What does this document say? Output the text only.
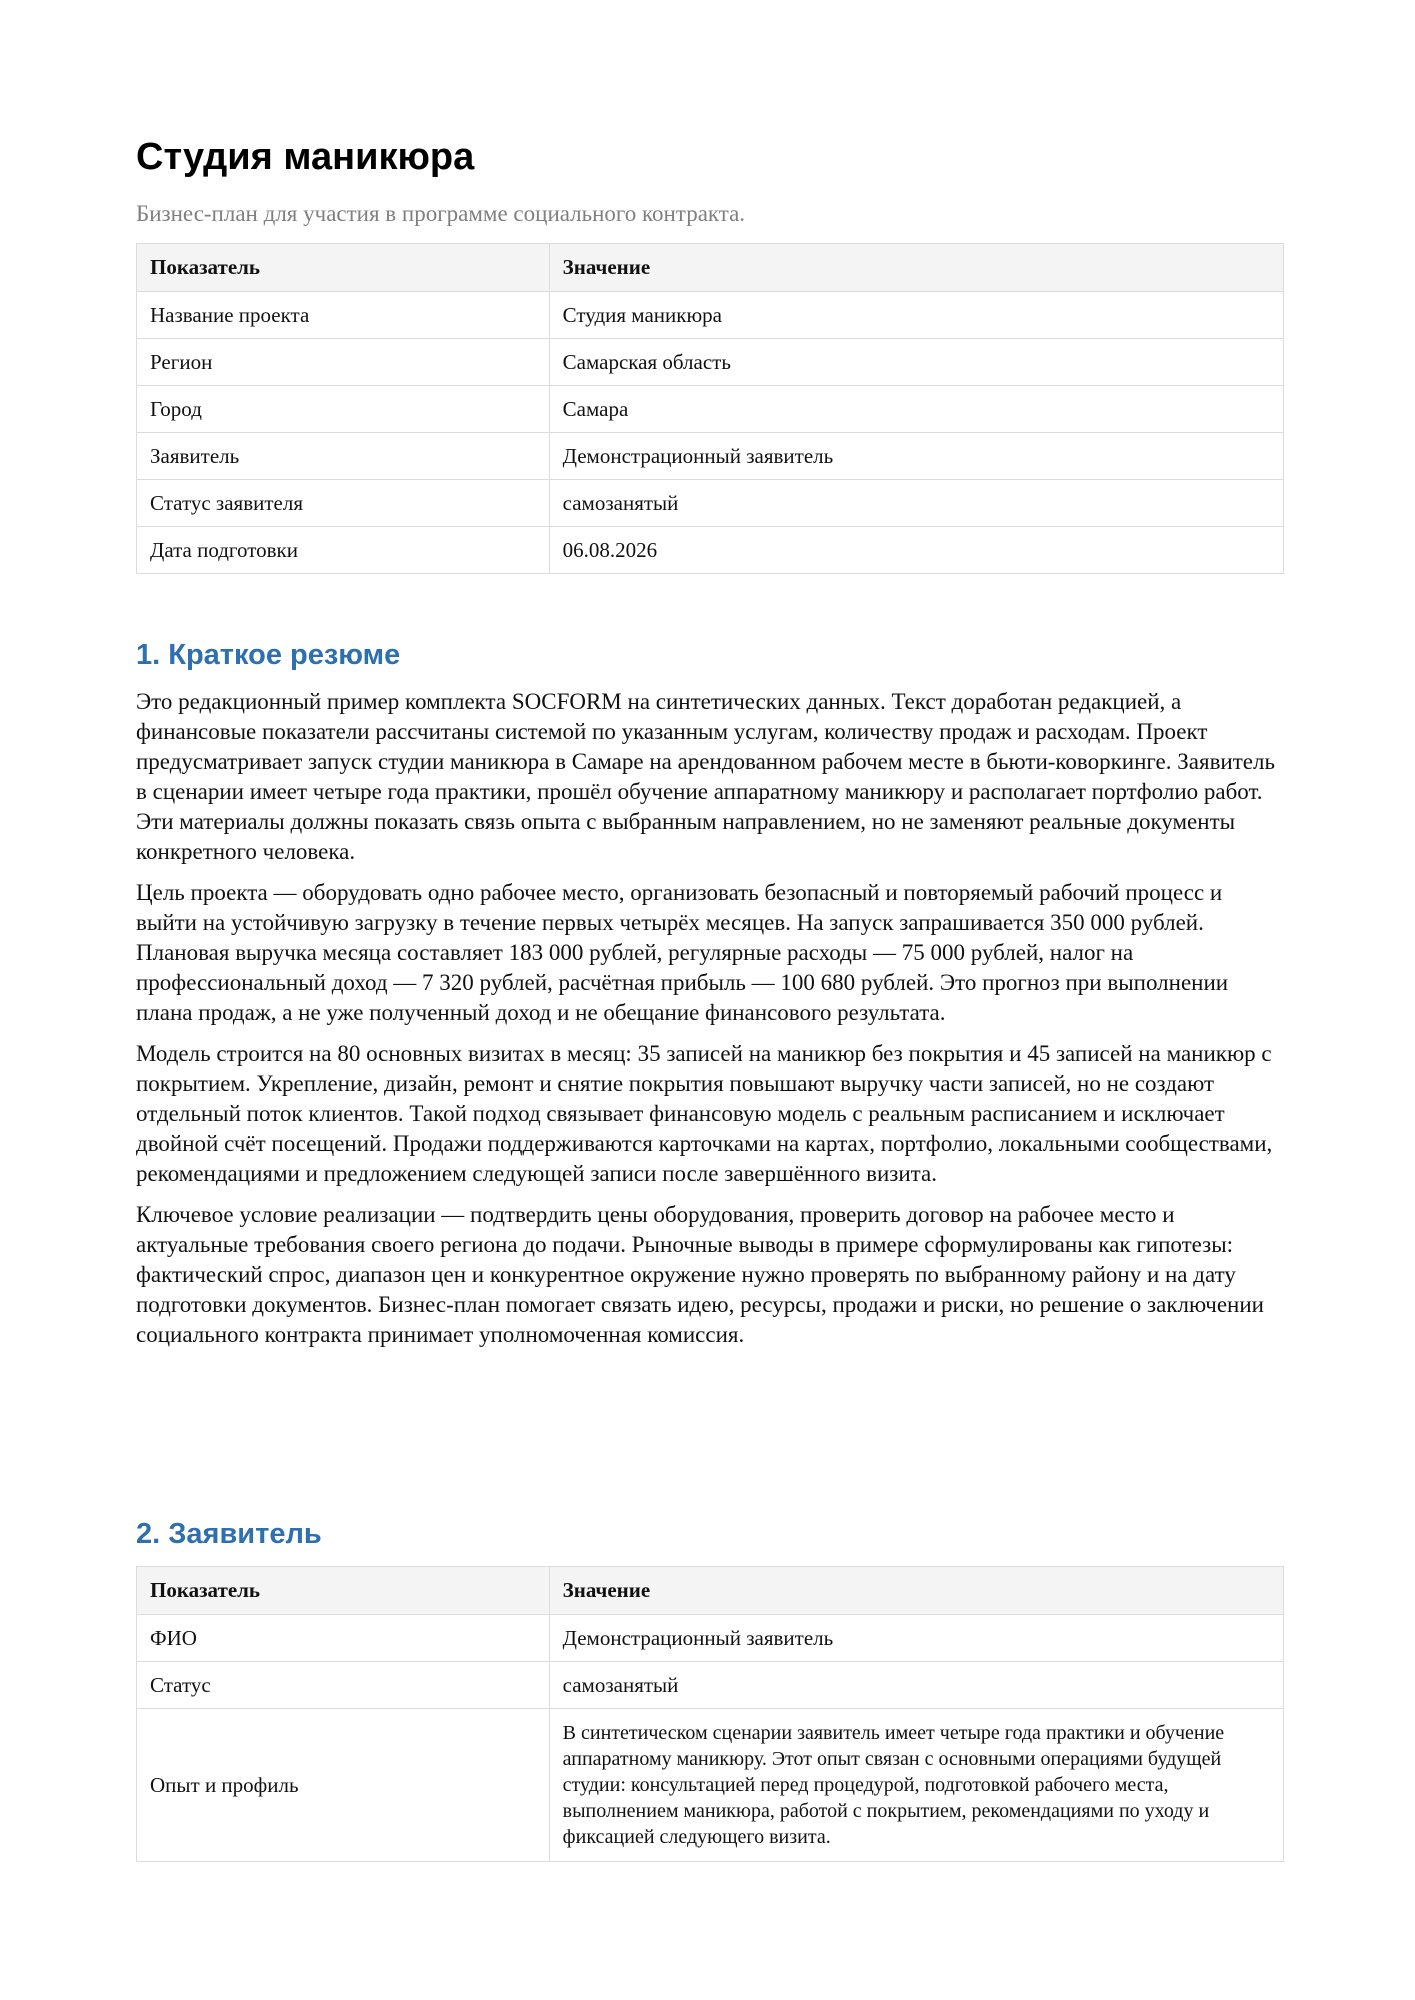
Студия маникюра
Бизнес-план для участия в программе социального контракта.
Показатель	Значение
Название проекта	Студия маникюра
Регион	Самарская область
Город	Самара
Заявитель	Демонстрационный заявитель
Статус заявителя	самозанятый
Дата подготовки	06.08.2026
1. Краткое резюме

Это редакционный пример комплекта SOCFORM на синтетических данных. Текст доработан редакцией, а финансовые показатели рассчитаны системой по указанным услугам, количеству продаж и расходам. Проект предусматривает запуск студии маникюра в Самаре на арендованном рабочем месте в бьюти-коворкинге. Заявитель в сценарии имеет четыре года практики, прошёл обучение аппаратному маникюру и располагает портфолио работ. Эти материалы должны показать связь опыта с выбранным направлением, но не заменяют реальные документы конкретного человека.

Цель проекта — оборудовать одно рабочее место, организовать безопасный и повторяемый рабочий процесс и выйти на устойчивую загрузку в течение первых четырёх месяцев. На запуск запрашивается 350 000 рублей. Плановая выручка месяца составляет 183 000 рублей, регулярные расходы — 75 000 рублей, налог на профессиональный доход — 7 320 рублей, расчётная прибыль — 100 680 рублей. Это прогноз при выполнении плана продаж, а не уже полученный доход и не обещание финансового результата.

Модель строится на 80 основных визитах в месяц: 35 записей на маникюр без покрытия и 45 записей на маникюр с покрытием. Укрепление, дизайн, ремонт и снятие покрытия повышают выручку части записей, но не создают отдельный поток клиентов. Такой подход связывает финансовую модель с реальным расписанием и исключает двойной счёт посещений. Продажи поддерживаются карточками на картах, портфолио, локальными сообществами, рекомендациями и предложением следующей записи после завершённого визита.

Ключевое условие реализации — подтвердить цены оборудования, проверить договор на рабочее место и актуальные требования своего региона до подачи. Рыночные выводы в примере сформулированы как гипотезы: фактический спрос, диапазон цен и конкурентное окружение нужно проверять по выбранному району и на дату подготовки документов. Бизнес-план помогает связать идею, ресурсы, продажи и риски, но решение о заключении социального контракта принимает уполномоченная комиссия.

2. Заявитель
Показатель	Значение
ФИО	Демонстрационный заявитель
Статус	самозанятый
Опыт и профиль	В синтетическом сценарии заявитель имеет четыре года практики и обучение аппаратному маникюру. Этот опыт связан с основными операциями будущей студии: консультацией перед процедурой, подготовкой рабочего места, выполнением маникюра, работой с покрытием, рекомендациями по уходу и фиксацией следующего визита.
